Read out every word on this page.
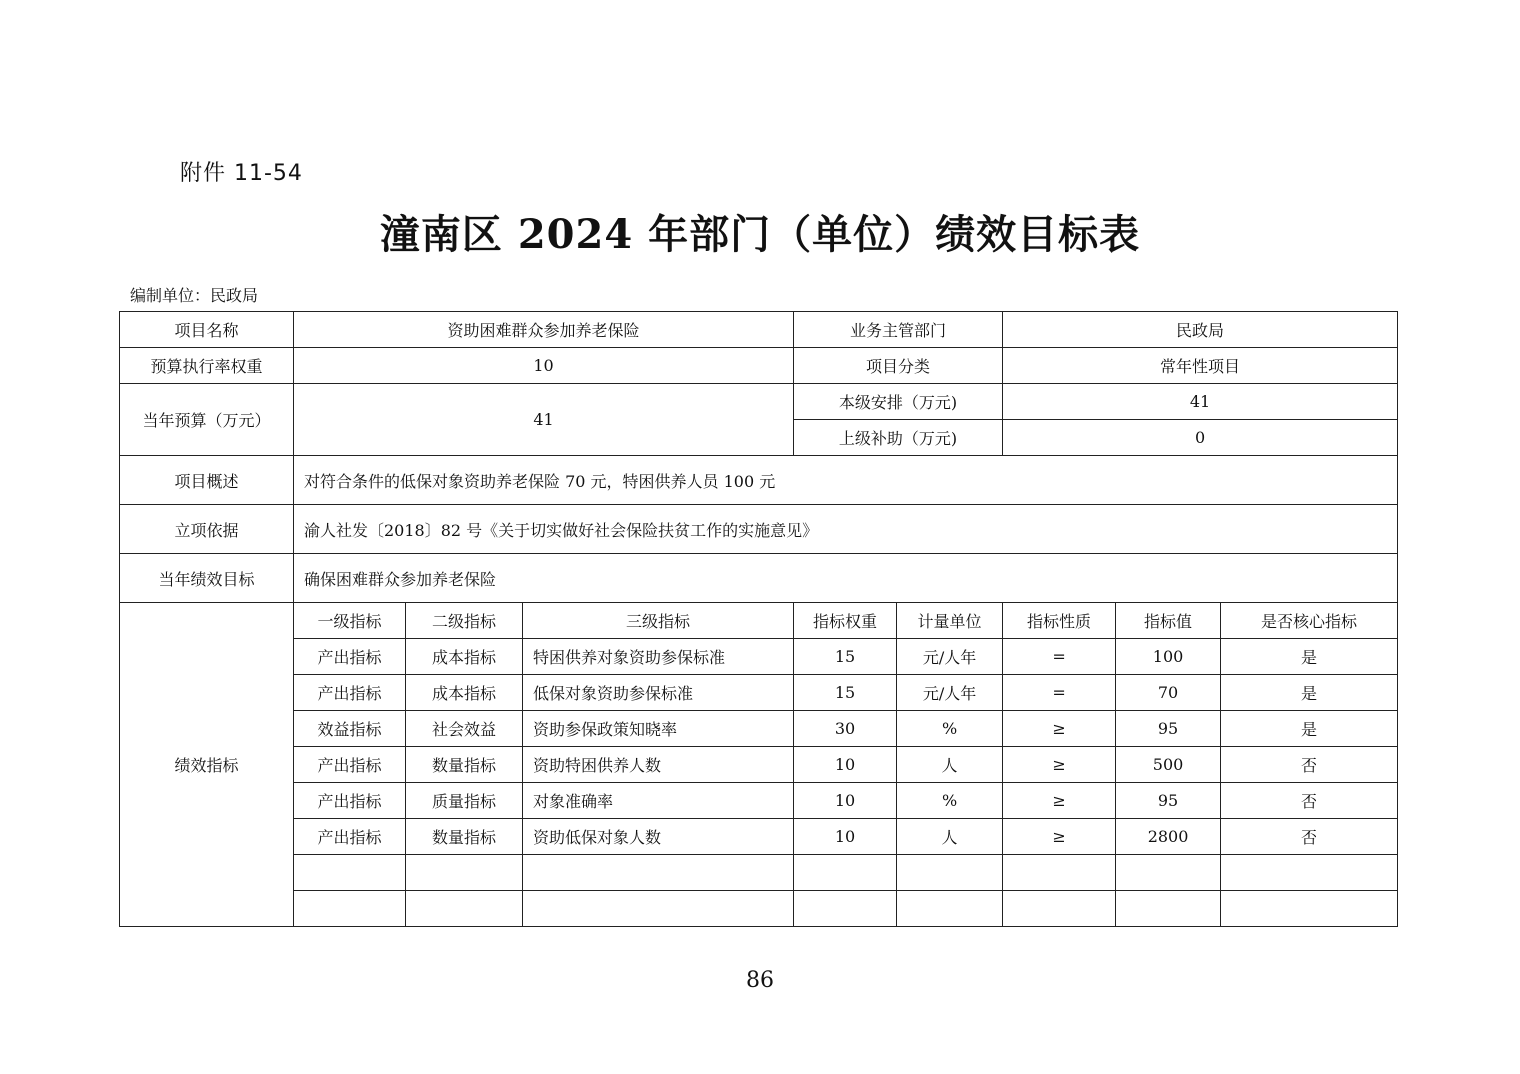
附件 11-54
潼南区 2024 年部门（单位）绩效目标表
编制单位：民政局
项目名称	资助困难群众参加养老保险			业务主管部门		民政局		
预算执行率权重	10			项目分类		常年性项目		
当年预算（万元）	41			本级安排（万元)		41		
				上级补助（万元)		0		
项目概述	对符合条件的低保对象资助养老保险 70 元，特困供养人员 100 元							
立项依据	渝人社发〔2018〕82 号《关于切实做好社会保险扶贫工作的实施意见》							
当年绩效目标	确保困难群众参加养老保险							
绩效指标	一级指标	二级指标	三级指标	指标权重	计量单位	指标性质	指标值	是否核心指标
	产出指标	成本指标	特困供养对象资助参保标准	15	元/人年	=	100	是
	产出指标	成本指标	低保对象资助参保标准	15	元/人年	=	70	是
	效益指标	社会效益	资助参保政策知晓率	30	%	≥	95	是
	产出指标	数量指标	资助特困供养人数	10	人	≥	500	否
	产出指标	质量指标	对象准确率	10	%	≥	95	否
	产出指标	数量指标	资助低保对象人数	10	人	≥	2800	否

86
